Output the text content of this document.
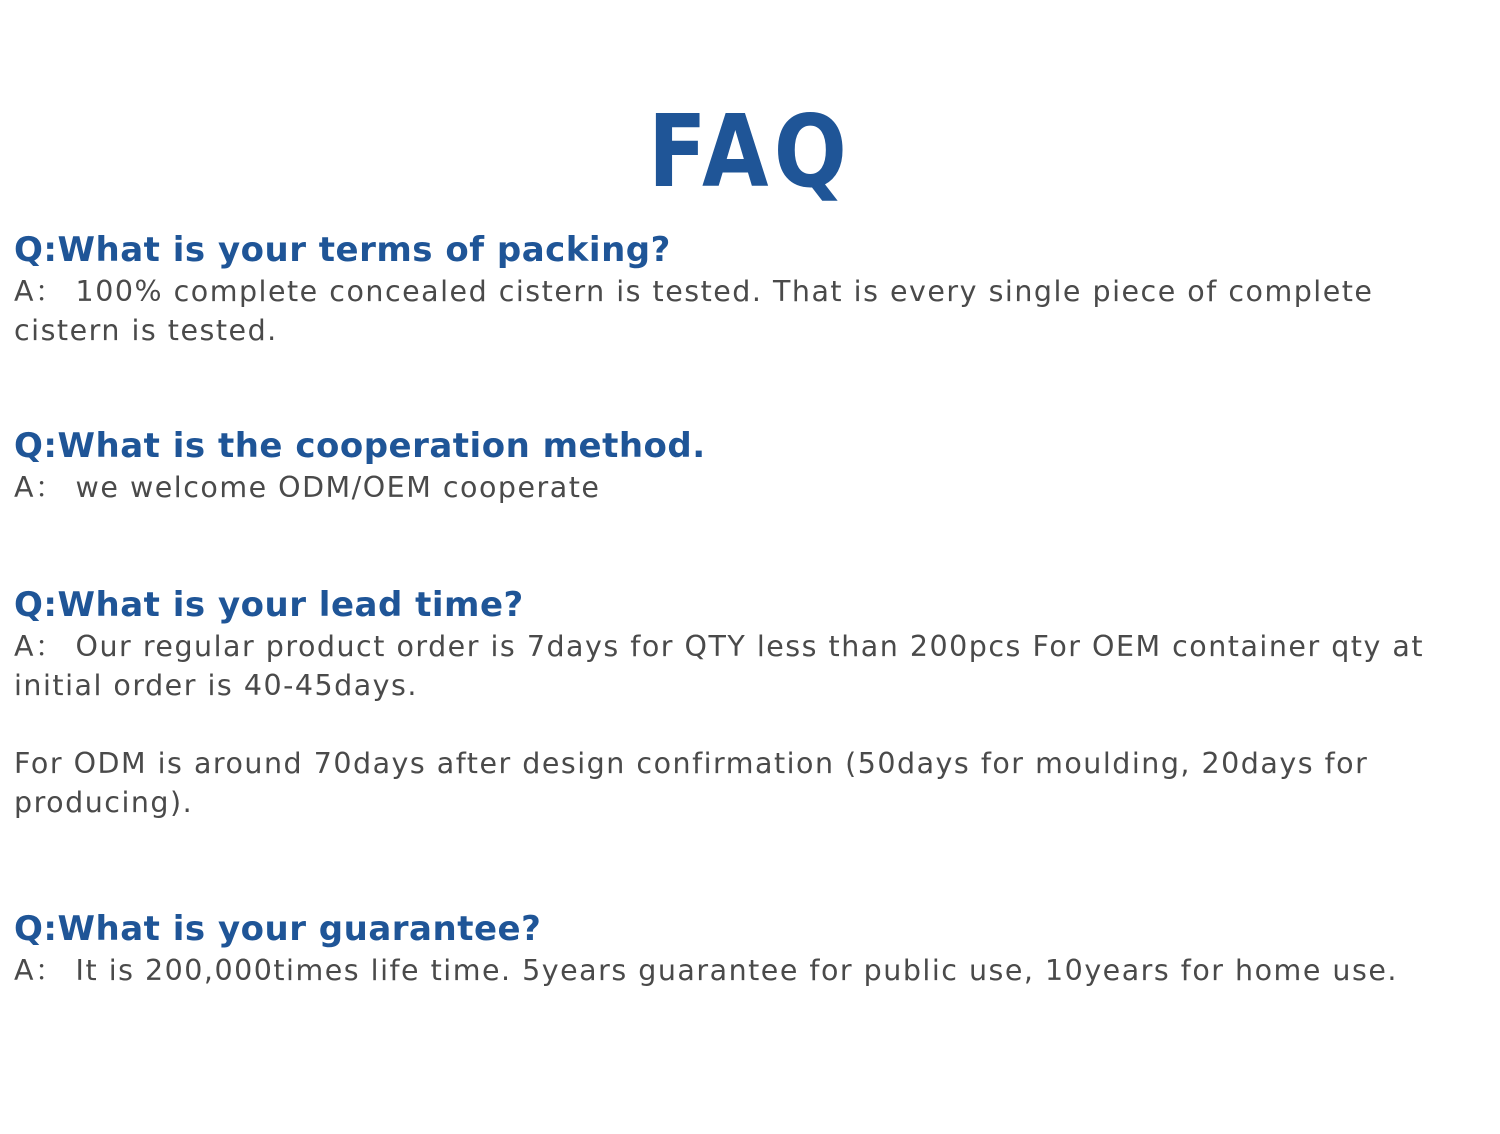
FAQ

Q:What is your terms of packing?

A： 100% complete concealed cistern is tested. That is every single piece of complete cistern is tested.

Q:What is the cooperation method.

A： we welcome ODM/OEM cooperate

Q:What is your lead time?

A： Our regular product order is 7days for QTY less than 200pcs For OEM container qty at initial order is 40-45days.

For ODM is around 70days after design confirmation (50days for moulding, 20days for producing).

Q:What is your guarantee?

A： It is 200,000times life time. 5years guarantee for public use, 10years for home use.
